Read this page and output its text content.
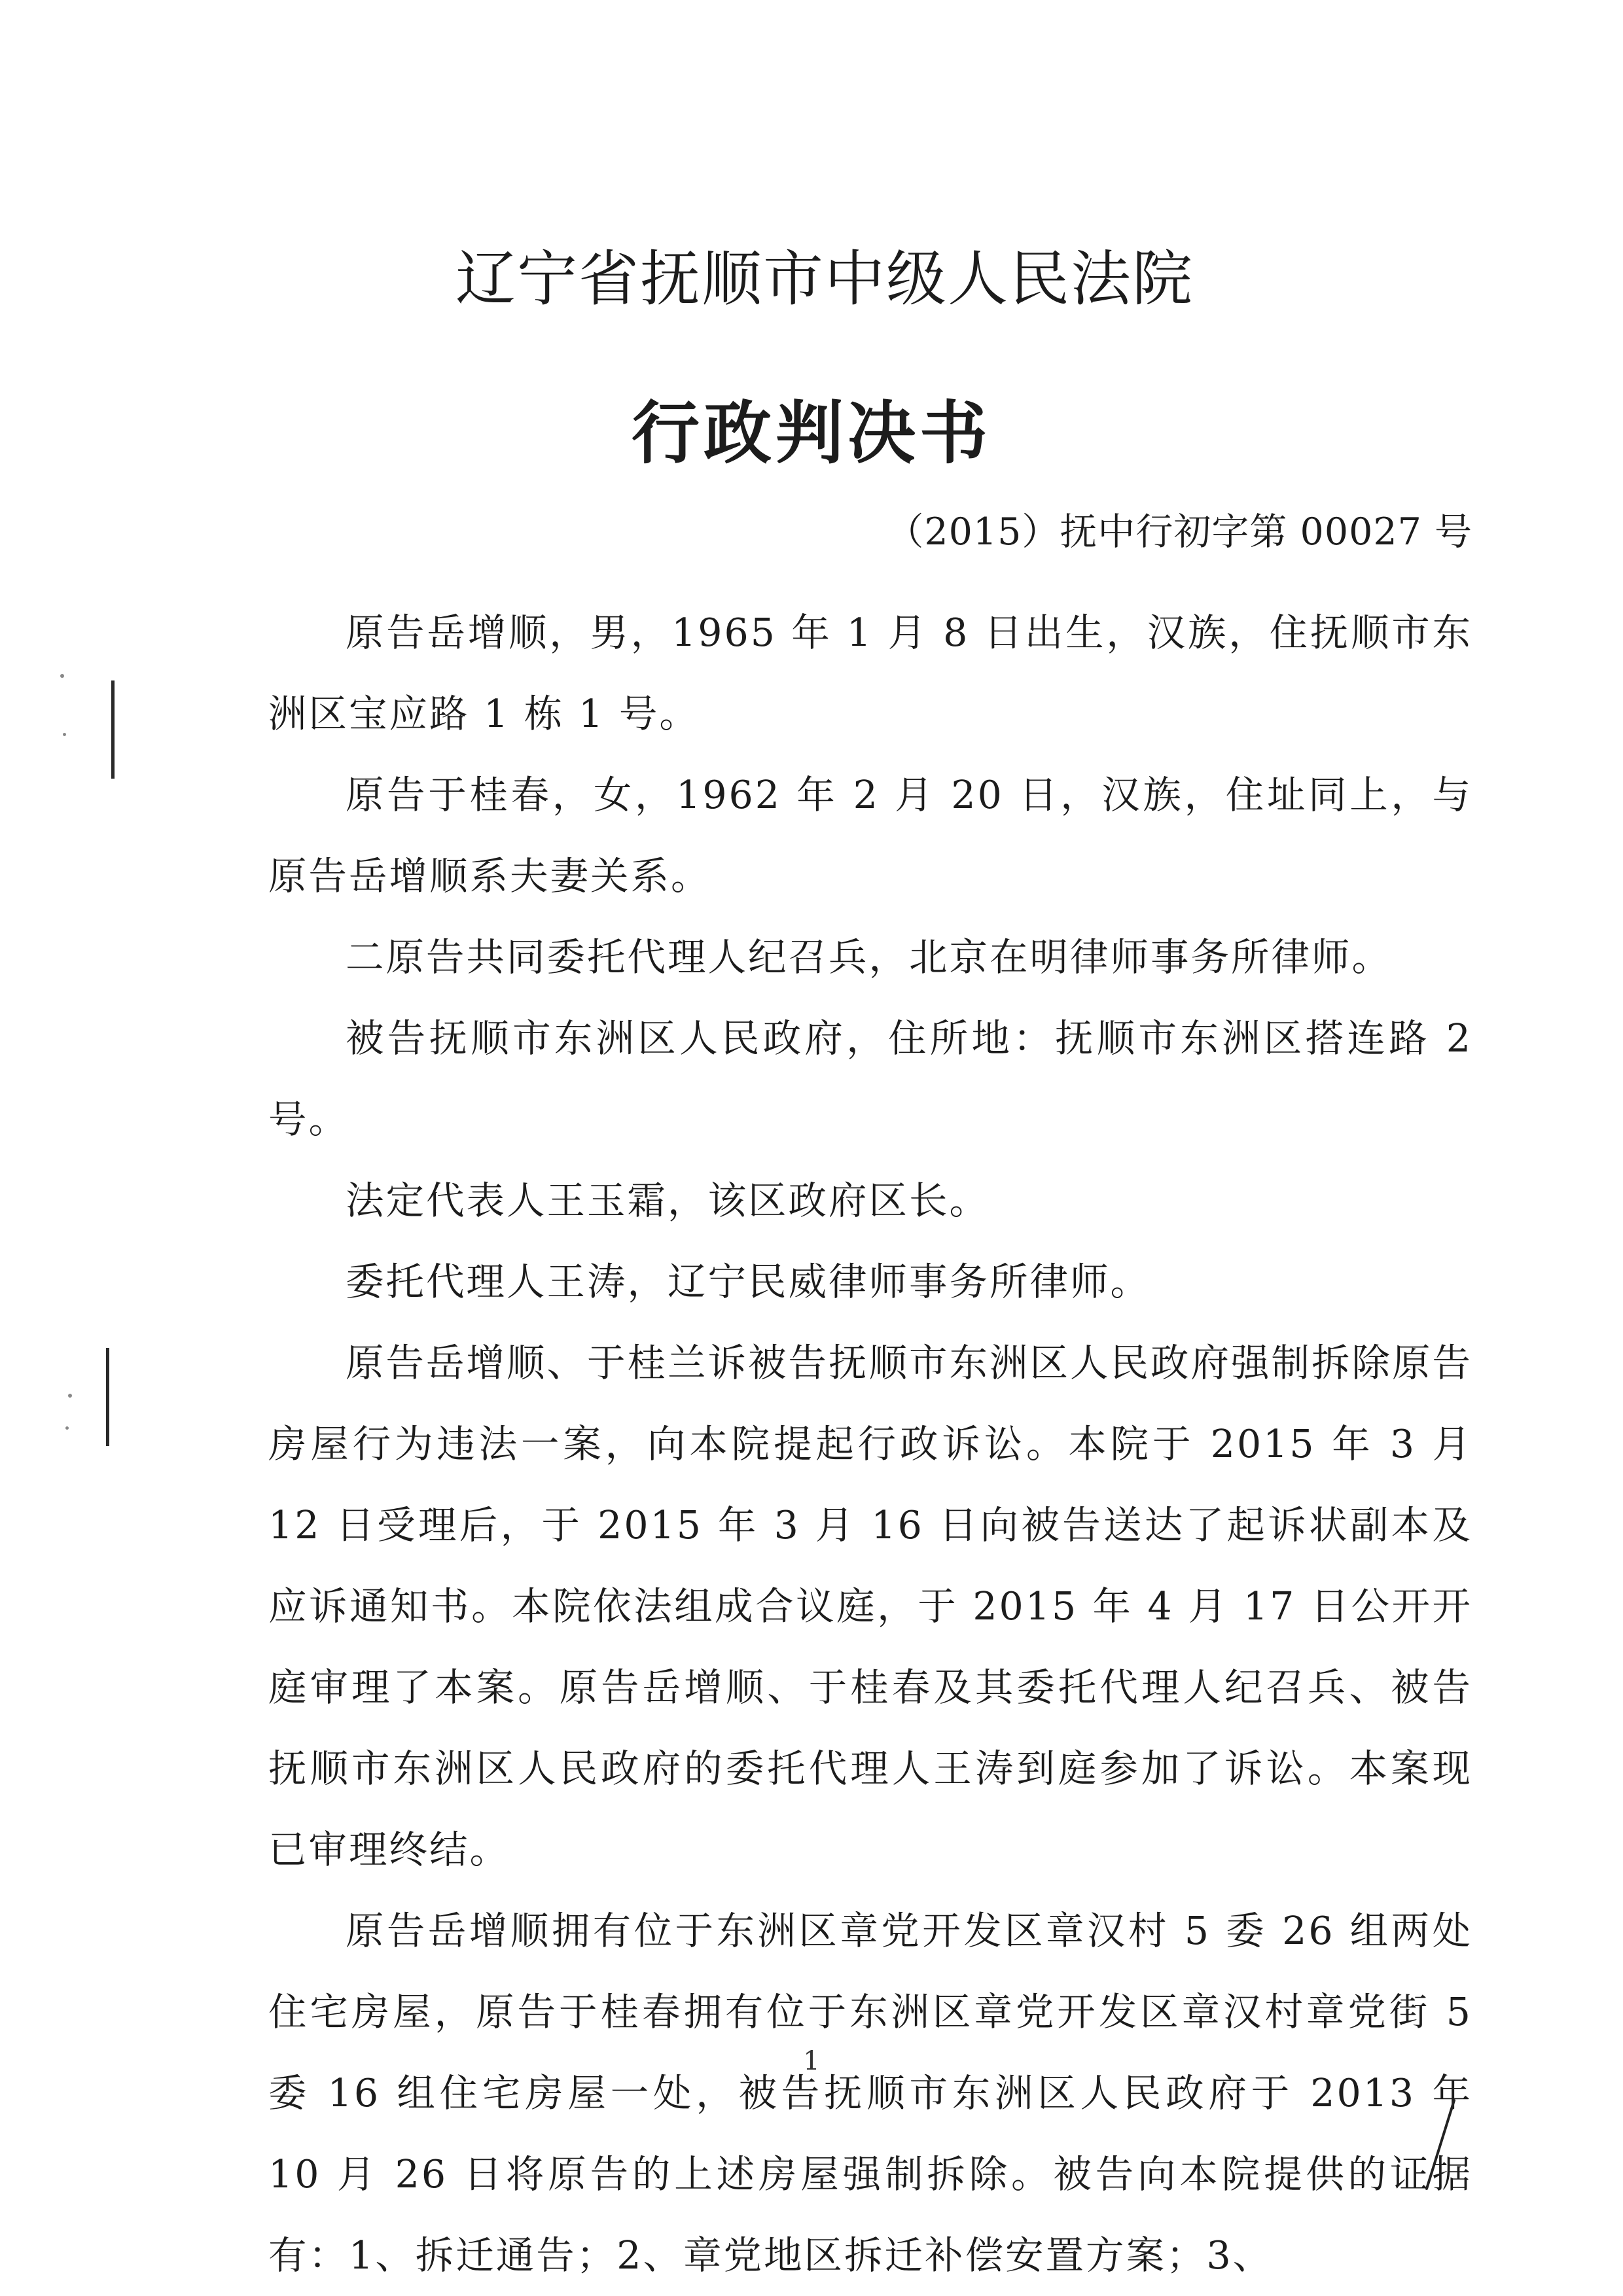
辽宁省抚顺市中级人民法院
行政判决书
（2015）抚中行初字第 00027 号

原告岳增顺，男，1965 年 1 月 8 日出生，汉族，住抚顺市东洲区宝应路 1 栋 1 号。

原告于桂春，女，1962 年 2 月 20 日，汉族，住址同上，与原告岳增顺系夫妻关系。

二原告共同委托代理人纪召兵，北京在明律师事务所律师。

被告抚顺市东洲区人民政府，住所地：抚顺市东洲区搭连路 2 号。

法定代表人王玉霜，该区政府区长。

委托代理人王涛，辽宁民威律师事务所律师。

原告岳增顺、于桂兰诉被告抚顺市东洲区人民政府强制拆除原告房屋行为违法一案，向本院提起行政诉讼。本院于 2015 年 3 月 12 日受理后，于 2015 年 3 月 16 日向被告送达了起诉状副本及应诉通知书。本院依法组成合议庭，于 2015 年 4 月 17 日公开开庭审理了本案。原告岳增顺、于桂春及其委托代理人纪召兵、被告抚顺市东洲区人民政府的委托代理人王涛到庭参加了诉讼。本案现已审理终结。

原告岳增顺拥有位于东洲区章党开发区章汉村 5 委 26 组两处住宅房屋，原告于桂春拥有位于东洲区章党开发区章汉村章党街 5 委 16 组住宅房屋一处，被告抚顺市东洲区人民政府于 2013 年 10 月 26 日将原告的上述房屋强制拆除。被告向本院提供的证据有：1、拆迁通告；2、章党地区拆迁补偿安置方案；3、

1
